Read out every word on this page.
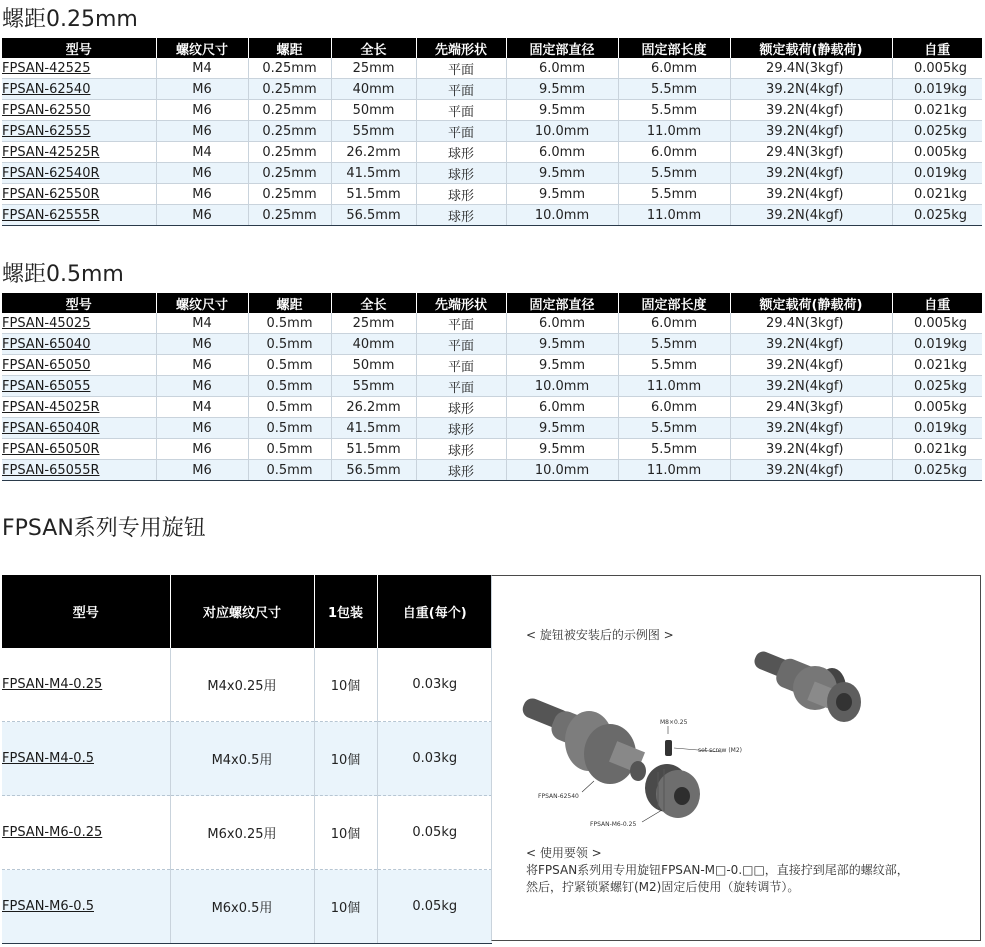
螺距0.25mm
型号	螺纹尺寸	螺距	全长	先端形状	固定部直径	固定部长度	额定载荷(静载荷)	自重
FPSAN-42525	M4	0.25mm	25mm	平面	6.0mm	6.0mm	29.4N(3kgf)	0.005kg
FPSAN-62540	M6	0.25mm	40mm	平面	9.5mm	5.5mm	39.2N(4kgf)	0.019kg
FPSAN-62550	M6	0.25mm	50mm	平面	9.5mm	5.5mm	39.2N(4kgf)	0.021kg
FPSAN-62555	M6	0.25mm	55mm	平面	10.0mm	11.0mm	39.2N(4kgf)	0.025kg
FPSAN-42525R	M4	0.25mm	26.2mm	球形	6.0mm	6.0mm	29.4N(3kgf)	0.005kg
FPSAN-62540R	M6	0.25mm	41.5mm	球形	9.5mm	5.5mm	39.2N(4kgf)	0.019kg
FPSAN-62550R	M6	0.25mm	51.5mm	球形	9.5mm	5.5mm	39.2N(4kgf)	0.021kg
FPSAN-62555R	M6	0.25mm	56.5mm	球形	10.0mm	11.0mm	39.2N(4kgf)	0.025kg
螺距0.5mm
型号	螺纹尺寸	螺距	全长	先端形状	固定部直径	固定部长度	额定载荷(静载荷)	自重
FPSAN-45025	M4	0.5mm	25mm	平面	6.0mm	6.0mm	29.4N(3kgf)	0.005kg
FPSAN-65040	M6	0.5mm	40mm	平面	9.5mm	5.5mm	39.2N(4kgf)	0.019kg
FPSAN-65050	M6	0.5mm	50mm	平面	9.5mm	5.5mm	39.2N(4kgf)	0.021kg
FPSAN-65055	M6	0.5mm	55mm	平面	10.0mm	11.0mm	39.2N(4kgf)	0.025kg
FPSAN-45025R	M4	0.5mm	26.2mm	球形	6.0mm	6.0mm	29.4N(3kgf)	0.005kg
FPSAN-65040R	M6	0.5mm	41.5mm	球形	9.5mm	5.5mm	39.2N(4kgf)	0.019kg
FPSAN-65050R	M6	0.5mm	51.5mm	球形	9.5mm	5.5mm	39.2N(4kgf)	0.021kg
FPSAN-65055R	M6	0.5mm	56.5mm	球形	10.0mm	11.0mm	39.2N(4kgf)	0.025kg
FPSAN系列专用旋钮
型号	对应螺纹尺寸	1包装	自重(每个)
FPSAN-M4-0.25	M4x0.25用	10個	0.03kg
FPSAN-M4-0.5	M4x0.5用	10個	0.03kg
FPSAN-M6-0.25	M6x0.25用	10個	0.05kg
FPSAN-M6-0.5	M6x0.5用	10個	0.05kg
< 旋钮被安装后的示例图 >
M8×0.25
set screw (M2)
FPSAN-62540
FPSAN-M6-0.25
< 使用要领 >
将FPSAN系列用专用旋钮FPSAN-M□-0.□□，直接拧到尾部的螺纹部，
然后，拧紧锁紧螺钉(M2)固定后使用（旋转调节）。
